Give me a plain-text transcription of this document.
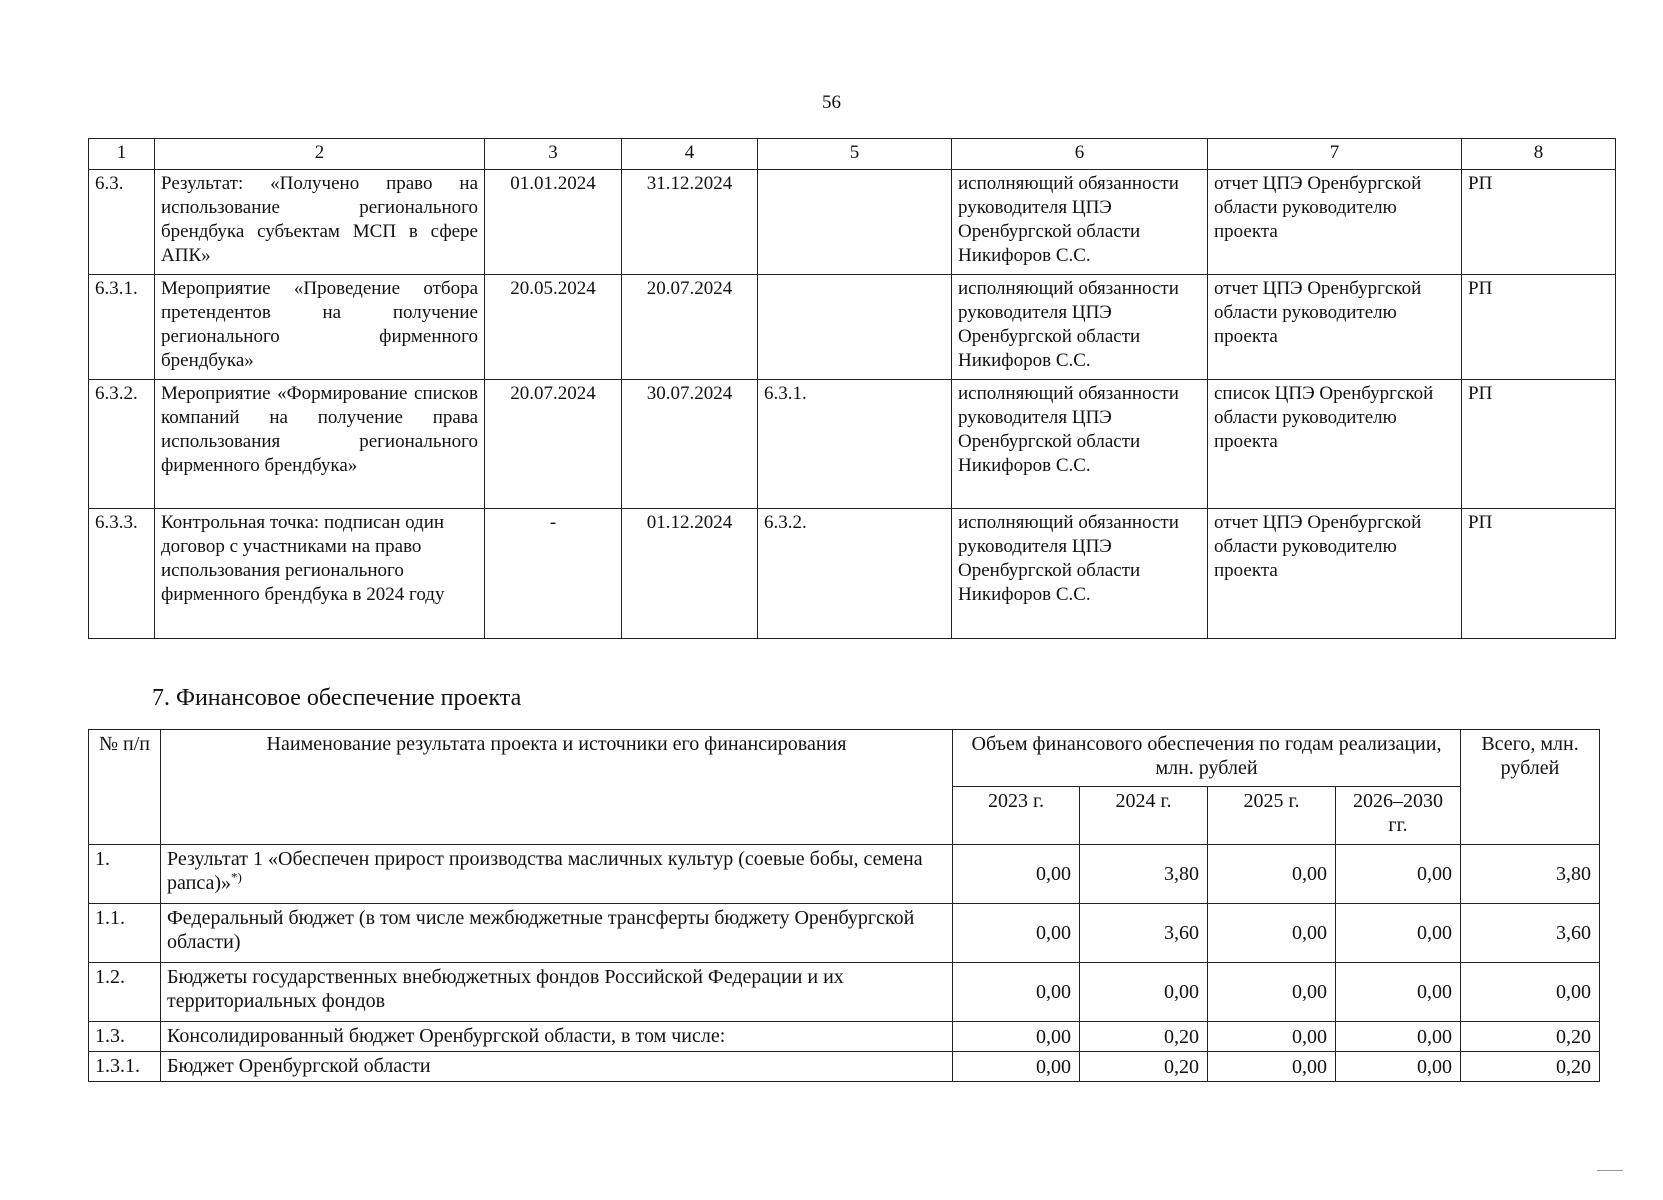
56
1	2	3	4	5	6	7	8
6.3.	Результат: «Получено право на использование регионального брендбука субъектам МСП в сфере АПК»	01.01.2024	31.12.2024		исполняющий обязанности руководителя ЦПЭ Оренбургской области Никифоров С.С.	отчет ЦПЭ Оренбургской области руководителю проекта	РП
6.3.1.	Мероприятие «Проведение отбора претендентов на получение регионального фирменного брендбука»	20.05.2024	20.07.2024		исполняющий обязанности руководителя ЦПЭ Оренбургской области Никифоров С.С.	отчет ЦПЭ Оренбургской области руководителю проекта	РП
6.3.2.	Мероприятие «Формирование списков компаний на получение права использования регионального фирменного брендбука»	20.07.2024	30.07.2024	6.3.1.	исполняющий обязанности руководителя ЦПЭ Оренбургской области Никифоров С.С.	список ЦПЭ Оренбургской области руководителю проекта	РП
6.3.3.	Контрольная точка: подписан один договор с участниками на право использования регионального фирменного брендбука в 2024 году	-	01.12.2024	6.3.2.	исполняющий обязанности руководителя ЦПЭ Оренбургской области Никифоров С.С.	отчет ЦПЭ Оренбургской области руководителю проекта	РП
7. Финансовое обеспечение проекта
№ п/п	Наименование результата проекта и источники его финансирования	Объем финансового обеспечения по годам реализации, млн. рублей				Всего, млн. рублей
		2023 г.	2024 г.	2025 г.	2026–2030 гг.	
1.	Результат 1 «Обеспечен прирост производства масличных культур (соевые бобы, семена рапса)»*)	0,00	3,80	0,00	0,00	3,80
1.1.	Федеральный бюджет (в том числе межбюджетные трансферты бюджету Оренбургской области)	0,00	3,60	0,00	0,00	3,60
1.2.	Бюджеты государственных внебюджетных фондов Российской Федерации и их территориальных фондов	0,00	0,00	0,00	0,00	0,00
1.3.	Консолидированный бюджет Оренбургской области, в том числе:	0,00	0,20	0,00	0,00	0,20
1.3.1.	Бюджет Оренбургской области	0,00	0,20	0,00	0,00	0,20
